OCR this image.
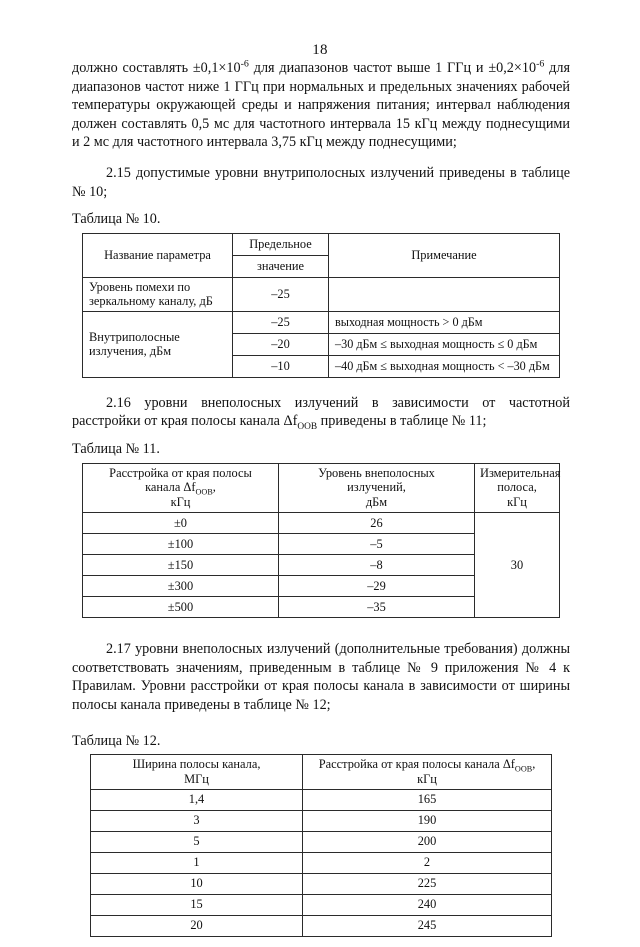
18

должно составлять $\pm 0,1\times 10^{-6}$ для диапазонов частот выше 1 ГГц $и \pm 0,2\times 10^{-6}$ для диапазонов частот ниже 1 ГГц при нормальных и предельных значениях рабочей температуры окружающей среды и напряжения питания; интервал наблюдения должен составлять 0,5 мс для частотного интервала 15 кГц между поднесущими и 2 мс для частотного интервала 3,75 кГц между поднесущими;

2.15 допустимые уровни внутриполосных излучений приведены в таблице № 10;

Таблица № 10.
Название параметра	Предельное	Примечание
	значение	

Уровень помехи по
зеркальному каналу, дБ	–25	

Внутриполосные
излучения, дБм	–25	выходная мощность > 0 дБм
	–20	–30 дБм ≤ выходная мощность ≤ 0 дБм
	–10	–40 дБм ≤ выходная мощность < –30 дБм

2.16 уровни внеполосных излучений в зависимости от частотной расстройки от края полосы канала $\Delta f_{OOB}$ приведены в таблице № 11;

Таблица № 11.
Расстройка от края полосы
канала $\Delta f_{OOB}$,
кГц

Уровень внеполосных
излучений,
дБм

Измерительная
полоса,
кГц

±0	26	30
±100	–5	
±150	–8	
±300	–29	
±500	–35	

2.17 уровни внеполосных излучений (дополнительные требования) должны соответствовать значениям, приведенным в таблице № 9 приложения № 4 к Правилам. Уровни расстройки от края полосы канала в зависимости от ширины полосы канала приведены в таблице № 12;

Таблица № 12.
Ширина полосы канала,
МГц

Расстройка от края полосы канала $\Delta f_{OOB}$,
кГц

1,4	165
3	190
5	200
1	2
10	225
15	240
20	245
